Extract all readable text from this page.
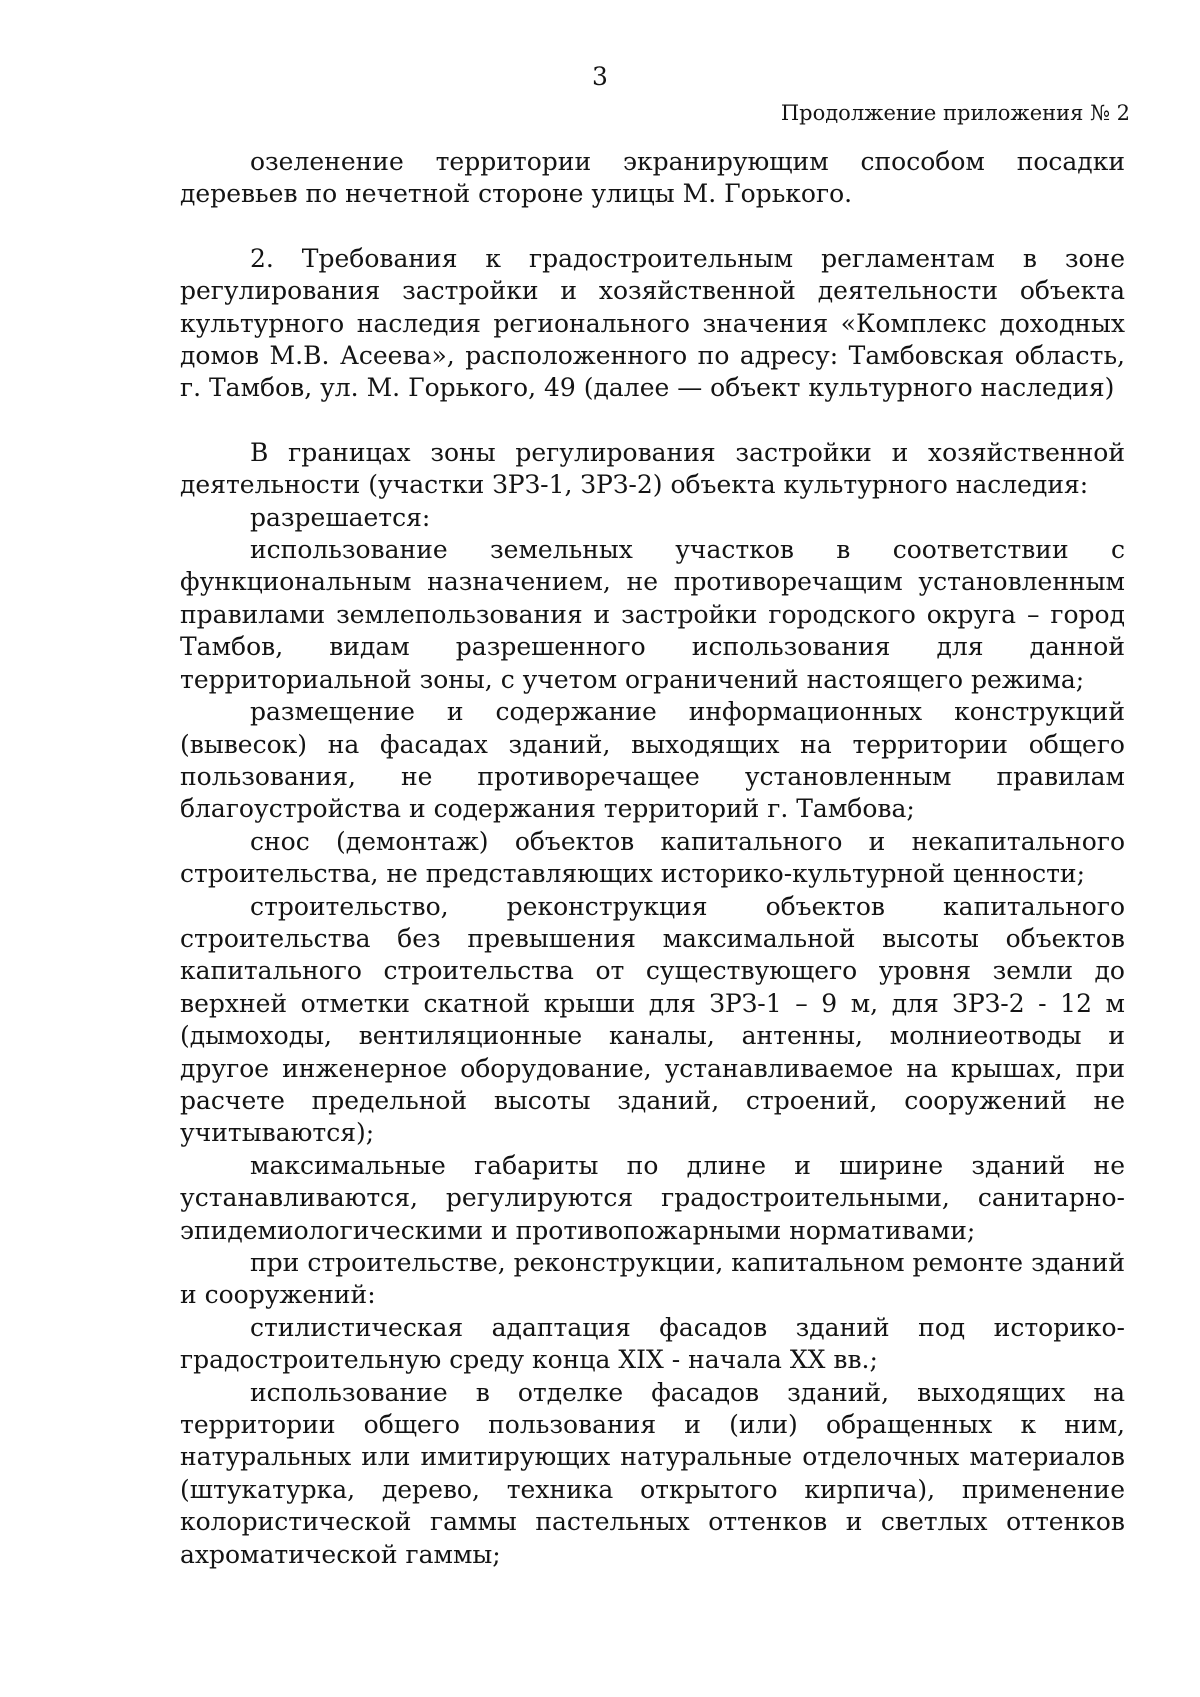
3
Продолжение приложения № 2

озеленение территории экранирующим способом посадки деревьев по нечетной стороне улицы М. Горького.

2. Требования к градостроительным регламентам в зоне регулирования застройки и хозяйственной деятельности объекта культурного наследия регионального значения «Комплекс доходных домов М.В. Асеева», расположенного по адресу: Тамбовская область, г. Тамбов, ул. М. Горького, 49 (далее — объект культурного наследия)

В границах зоны регулирования застройки и хозяйственной деятельности (участки ЗРЗ-1, ЗРЗ-2) объекта культурного наследия:

разрешается:

использование земельных участков в соответствии с функциональным назначением, не противоречащим установленным правилами землепользования и застройки городского округа – город Тамбов, видам разрешенного использования для данной территориальной зоны, с учетом ограничений настоящего режима;

размещение и содержание информационных конструкций (вывесок) на фасадах зданий, выходящих на территории общего пользования, не противоречащее установленным правилам благоустройства и содержания территорий г. Тамбова;

снос (демонтаж) объектов капитального и некапитального строительства, не представляющих историко-культурной ценности;

строительство, реконструкция объектов капитального строительства без превышения максимальной высоты объектов капитального строительства от существующего уровня земли до верхней отметки скатной крыши для ЗРЗ-1 – 9 м, для ЗРЗ-2 - 12 м (дымоходы, вентиляционные каналы, антенны, молниеотводы и другое инженерное оборудование, устанавливаемое на крышах, при расчете предельной высоты зданий, строений, сооружений не учитываются);

максимальные габариты по длине и ширине зданий не устанавливаются, регулируются градостроительными, санитарно-эпидемиологическими и противопожарными нормативами;

при строительстве, реконструкции, капитальном ремонте зданий и сооружений:

стилистическая адаптация фасадов зданий под историко-градостроительную среду конца XIX - начала XX вв.;

использование в отделке фасадов зданий, выходящих на территории общего пользования и (или) обращенных к ним, натуральных или имитирующих натуральные отделочных материалов (штукатурка, дерево, техника открытого кирпича), применение колористической гаммы пастельных оттенков и светлых оттенков ахроматической гаммы;
